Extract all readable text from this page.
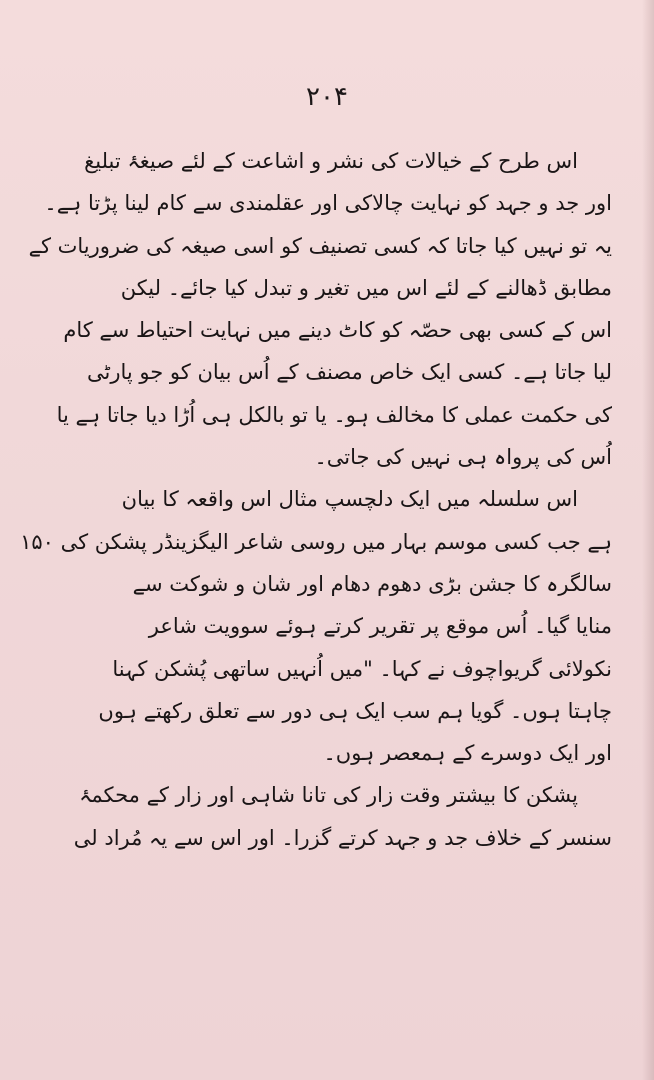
۲۰۴
اس طرح کے خیالات کی نشر و اشاعت کے لئے صیغۂ تبلیغ
اور جد و جہد کو نہایت چالاکی اور عقلمندی سے کام لینا پڑتا ہے۔
یہ تو نہیں کیا جاتا کہ کسی تصنیف کو اسی صیغہ کی ضروریات کے
مطابق ڈھالنے کے لئے اس میں تغیر و تبدل کیا جائے۔ لیکن
اس کے کسی بھی حصّہ کو کاٹ دینے میں نہایت احتیاط سے کام
لیا جاتا ہے۔ کسی ایک خاص مصنف کے اُس بیان کو جو پارٹی
کی حکمت عملی کا مخالف ہو۔ یا تو بالکل ہی اُڑا دیا جاتا ہے یا
اُس کی پرواہ ہی نہیں کی جاتی۔
اس سلسلہ میں ایک دلچسپ مثال اس واقعہ کا بیان
ہے جب کسی موسم بہار میں روسی شاعر الیگزینڈر پشکن کی ۱۵۰
سالگرہ کا جشن بڑی دھوم دھام اور شان و شوکت سے
منایا گیا۔ اُس موقع پر تقریر کرتے ہوئے سوویت شاعر
نکولائی گریواچوف نے کہا۔ "میں اُنہیں ساتھی پُشکن کہنا
چاہتا ہوں۔ گویا ہم سب ایک ہی دور سے تعلق رکھتے ہوں
اور ایک دوسرے کے ہمعصر ہوں۔
پشکن کا بیشتر وقت زار کی تانا شاہی اور زار کے محکمۂ
سنسر کے خلاف جد و جہد کرتے گزرا۔ اور اس سے یہ مُراد لی
